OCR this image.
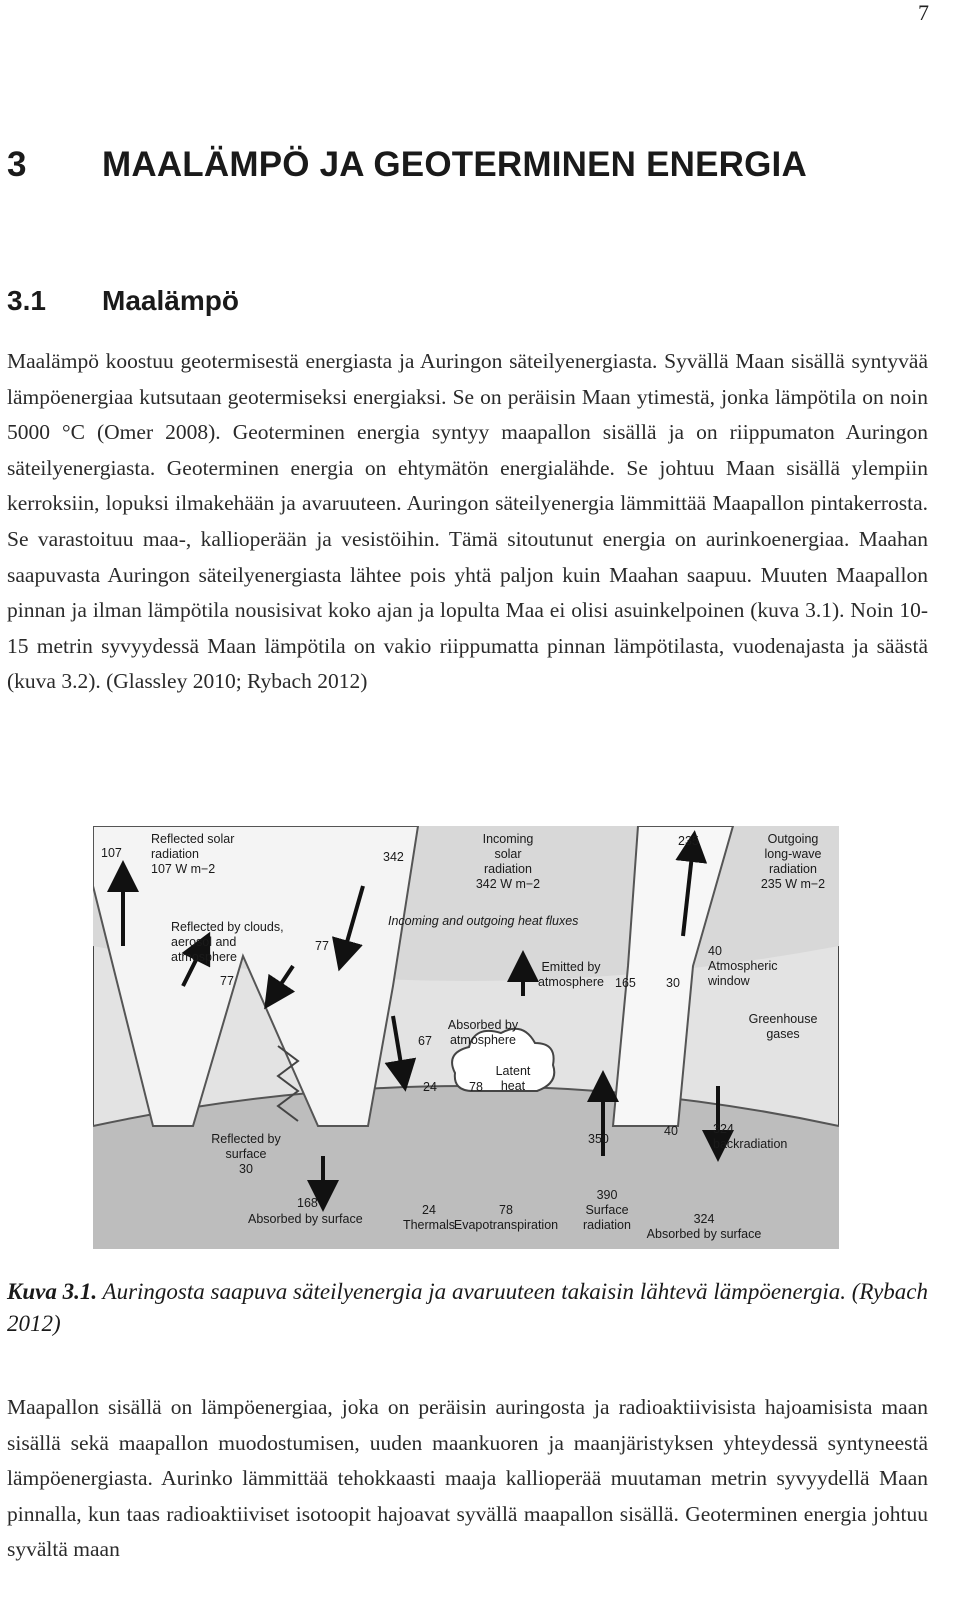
7
3 MAALÄMPÖ JA GEOTERMINEN ENERGIA
3.1 Maalämpö

Maalämpö koostuu geotermisestä energiasta ja Auringon säteilyenergiasta. Syvällä Maan sisällä syntyvää lämpöenergiaa kutsutaan geotermiseksi energiaksi. Se on peräisin Maan ytimestä, jonka lämpötila on noin 5000 °C (Omer 2008). Geoterminen energia syntyy maapallon sisällä ja on riippumaton Auringon säteilyenergiasta. Geoterminen energia on ehtymätön energialähde. Se johtuu Maan sisällä ylempiin kerroksiin, lopuksi ilmakehään ja avaruuteen. Auringon säteilyenergia lämmittää Maapallon pintakerrosta. Se varastoituu maa-, kallioperään ja vesistöihin. Tämä sitoutunut energia on aurinkoenergiaa. Maahan saapuvasta Auringon säteilyenergiasta lähtee pois yhtä paljon kuin Maahan saapuu. Muuten Maapallon pinnan ja ilman lämpötila nousisivat koko ajan ja lopulta Maa ei olisi asuinkelpoinen (kuva 3.1). Noin 10-15 metrin syvyydessä Maan lämpötila on vakio riippumatta pinnan lämpötilasta, vuodenajasta ja säästä (kuva 3.2). (Glassley 2010; Rybach 2012)

107
Reflected solar
radiation
107 W m−2
Incoming
solar
radiation
342 W m−2
342
235	Outgoing
long-wave
radiation
235 W m−2
Incoming and outgoing heat fluxes
Reflected by clouds,
aerosol and
atmosphere
77
77
Emitted by
atmosphere 165 30
40
Atmospheric
window
Greenhouse
gases
Absorbed by
atmosphere
67
Latent
heat
24	78
350
40	324
backradiation
Reflected by
surface
30
168
Absorbed by surface
24
Thermals
78
Evapotranspiration
390
Surface
radiation	324
Absorbed by surface

Kuva 3.1. Auringosta saapuva säteilyenergia ja avaruuteen takaisin lähtevä lämpöenergia. (Rybach 2012)

Maapallon sisällä on lämpöenergiaa, joka on peräisin auringosta ja radioaktiivisista hajoamisista maan sisällä sekä maapallon muodostumisen, uuden maankuoren ja maanjäristyksen yhteydessä syntyneestä lämpöenergiasta. Aurinko lämmittää tehokkaasti maaja kallioperää muutaman metrin syvyydellä Maan pinnalla, kun taas radioaktiiviset isotoopit hajoavat syvällä maapallon sisällä. Geoterminen energia johtuu syvältä maan
